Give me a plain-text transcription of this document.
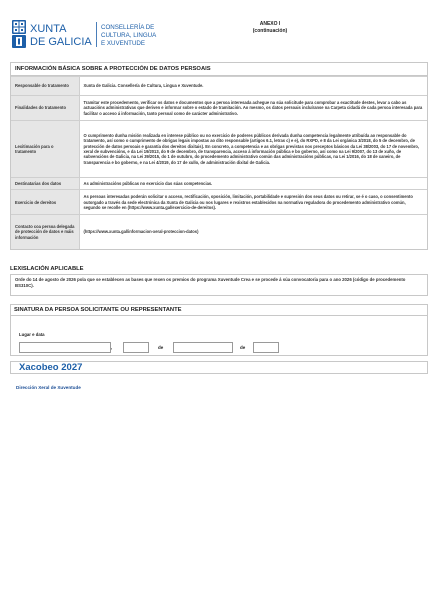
XUNTA
DE GALICIA
CONSELLERÍA DE
CULTURA, LINGUA
E XUVENTUDE
ANEXO I
(continuación)
INFORMACIÓN BÁSICA SOBRE A PROTECCIÓN DE DATOS PERSOAIS
Responsable do tratamento	Xunta de Galicia. Consellería de Cultura, Lingua e Xuventude.
Finalidades do tratamento	Tramitar este procedemento, verificar os datos e documentos que a persoa interesada achegue na súa solicitude para comprobar a exactitude destes, levar a cabo as actuacións administrativas que deriven e informar sobre o estado de tramitación. Ao mesmo, os datos persoais incluíranse na Carpeta cidadá de cada persoa interesada para facilitar o acceso á información, tanto persoal como de carácter administrativo.
Lexitimación para o tratamento	O cumprimento dunha misión realizada en interese público ou no exercicio de poderes públicos derivada dunha competencia legalmente atribuída ao responsable do tratamento, así como o cumprimento de obrigas legais impostas ao dito responsable (artigos 6.1, letras c) e e), do RXPD, e 8 da Lei orgánica 3/2018, do 5 de decembro, de protección de datos persoais e garantía dos dereitos dixitais). En concreto, a competencia e as obrigas previstas nos preceptos básicos da Lei 38/2003, do 17 de novembro, xeral de subvencións, e da Lei 19/2013, do 9 de decembro, de transparencia, acceso á información pública e bo goberno, así como na Lei 9/2007, do 13 de xuño, de subvencións de Galicia, na Lei 39/2015, do 1 de outubro, do procedemento administrativo común das administracións públicas, na Lei 1/2016, do 18 de xaneiro, de transparencia e bo goberno, e na Lei 4/2019, do 17 de xullo, de administración dixital de Galicia.
Destinatarias dos datos	As administracións públicas no exercicio das súas competencias.
Exercicio de dereitos	As persoas interesadas poderán solicitar o acceso, rectificación, oposición, limitación, portabilidade e supresión dos seus datos ou retirar, se é o caso, o consentimento outorgado a través da sede electrónica da Xunta de Galicia ou nos lugares e rexistros establecidos na normativa reguladora do procedemento administrativo común, segundo se recolle en (https://www.xunta.gal/exercicio-de-dereitos).
Contacto coa persoa delegada de protección de datos e máis información	(https://www.xunta.gal/informacion-xeral-proteccion-datos)
LEXISLACIÓN APLICABLE
Orde do 14 de agosto de 2026 pola que se establecen as bases que rexen os premios do programa Xuventude Crea e se procede á súa convocatoria para o ano 2026 (código de procedemento BS310C).
SINATURA DA PERSOA SOLICITANTE OU REPRESENTANTE
Lugar e data
,	de	de
Xacobeo 2027
Dirección Xeral de Xuventude
